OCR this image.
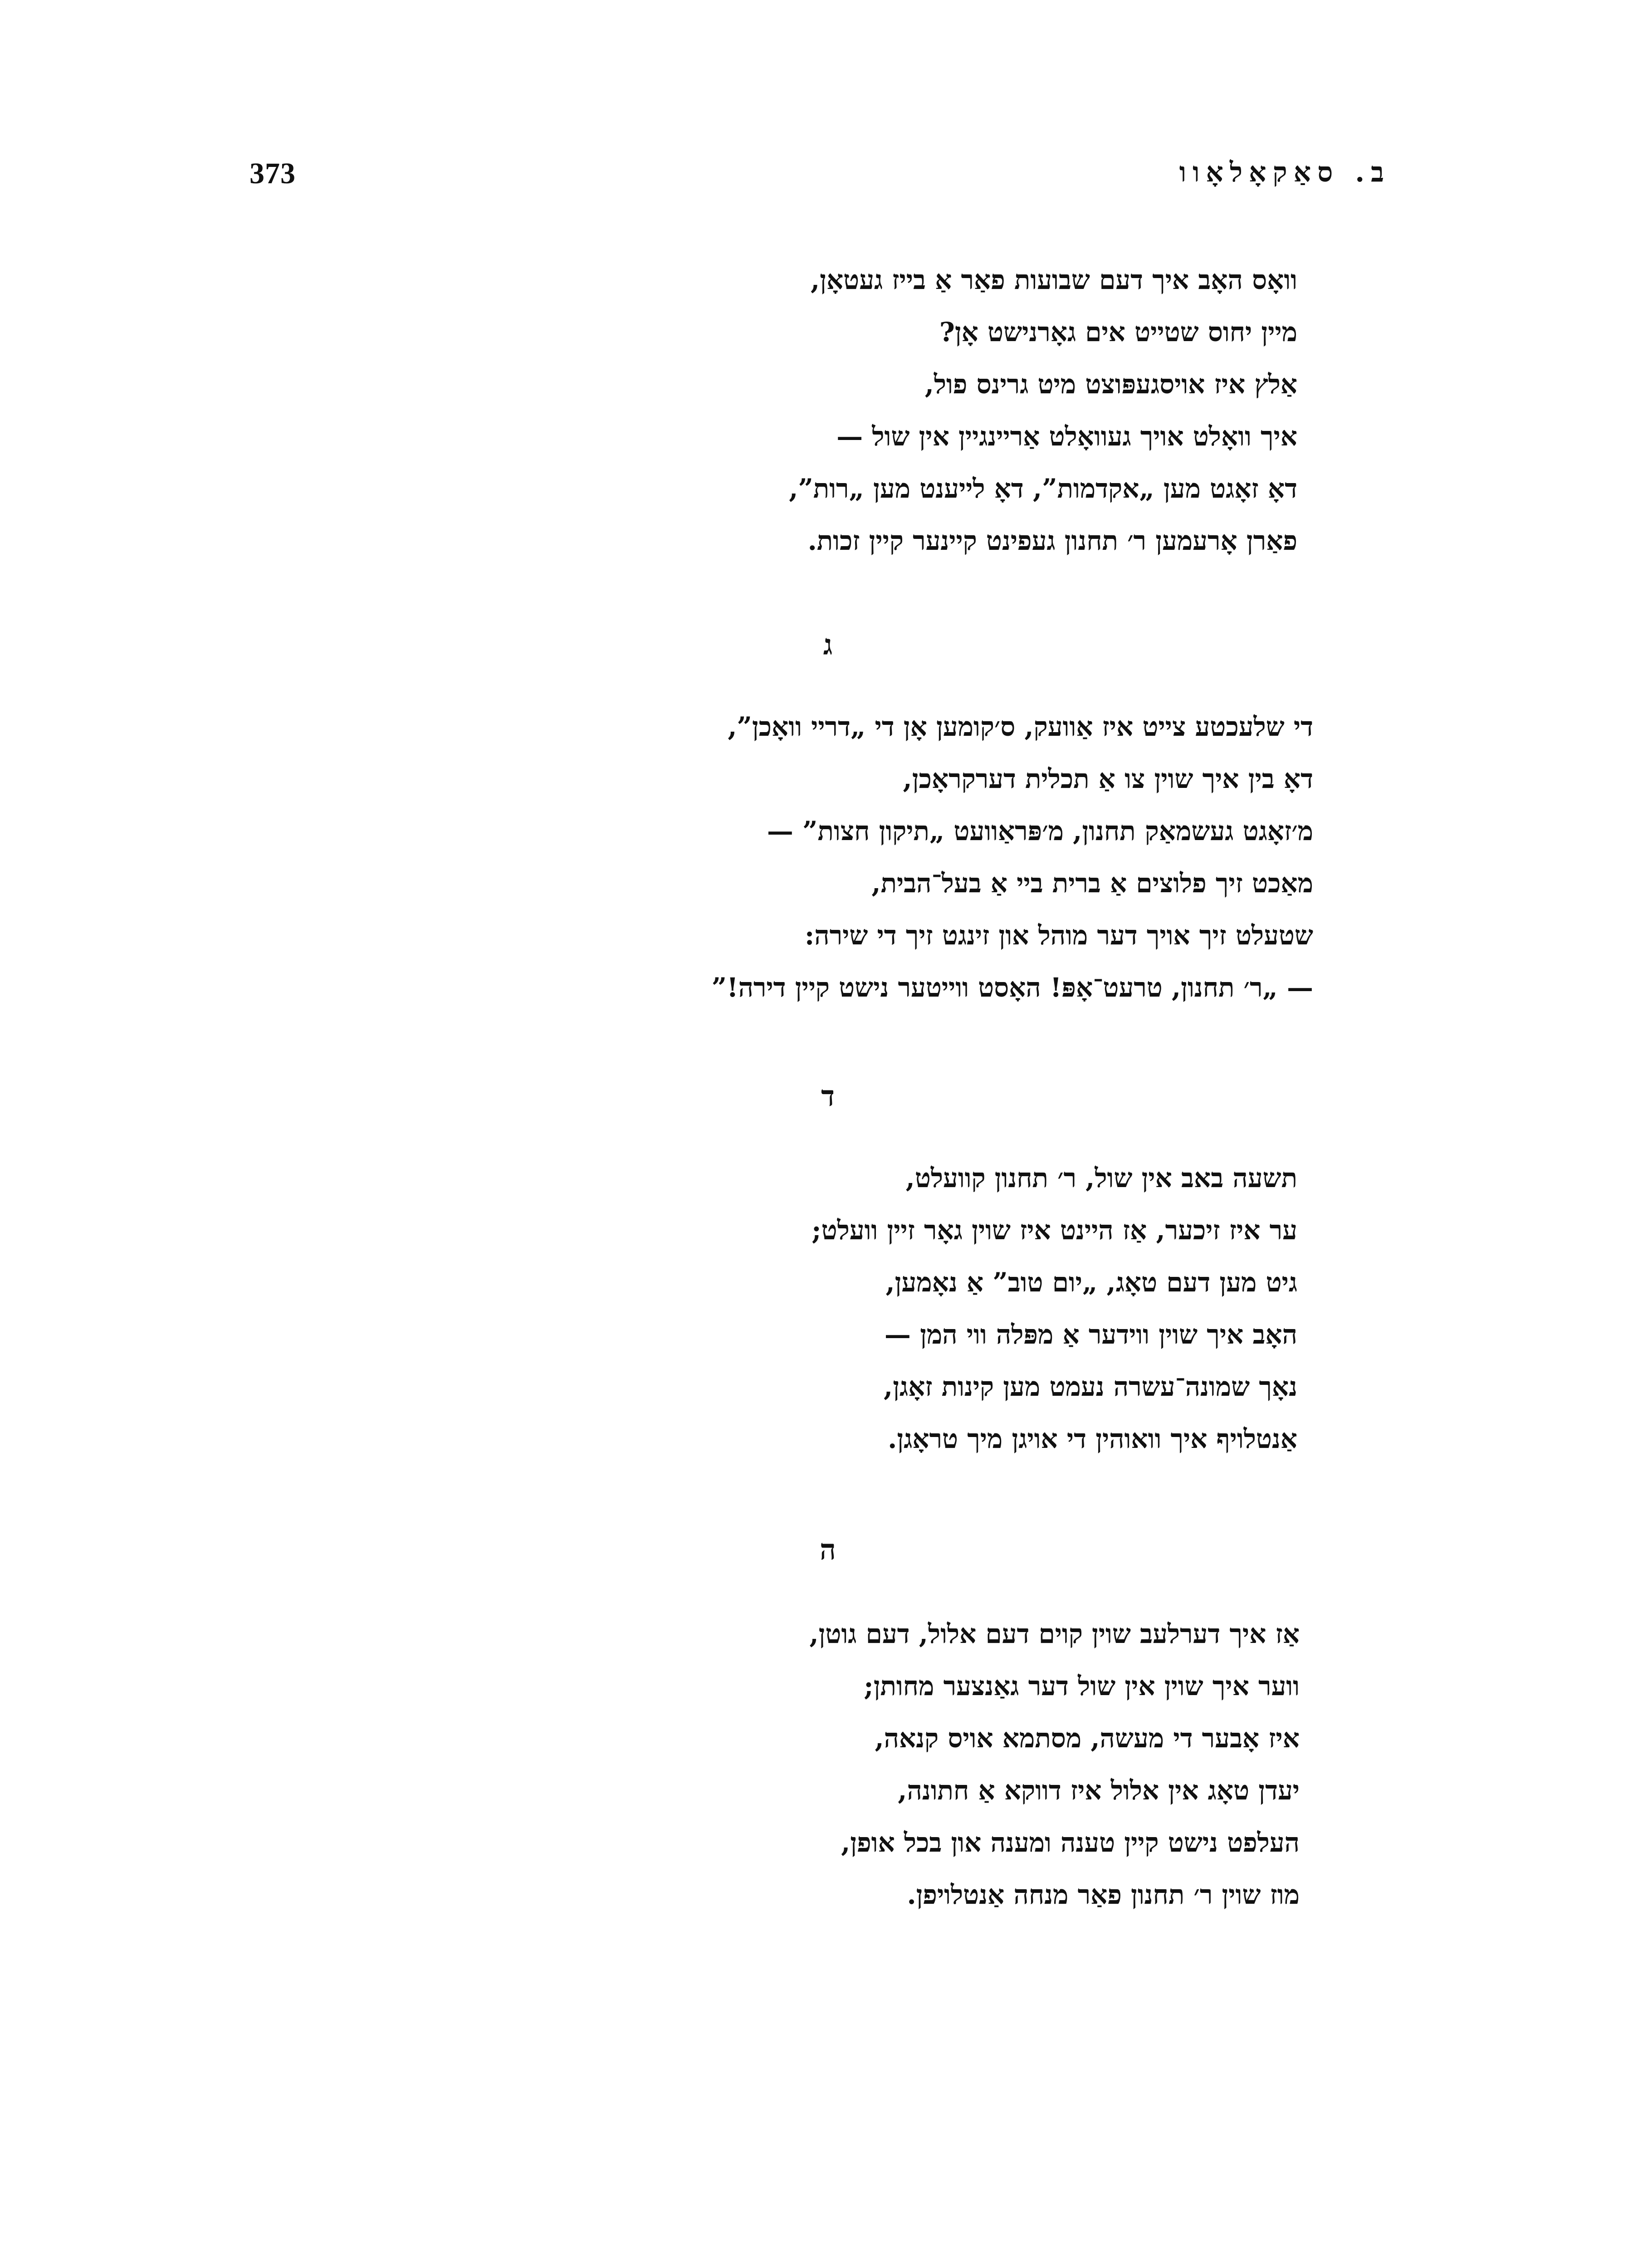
373	ב. סאַקאָלאָוו
וואָס האָב איך דעם שבועות פאַר אַ בייז געטאָן,
מיין יחוס שטייט אים גאָרנישט אָן?
אַלץ איז אויסגעפּוצט מיט גרינס פול,
איך וואָלט אויך געוואָלט אַריינגיין אין שול —
דאָ זאָגט מען „אקדמות”, דאָ לייענט מען „רות”,
פאַרן אָרעמען ר׳ תחנון געפינט קיינער קיין זכות.
ג
די שלעכטע צייט איז אַוועק, ס׳קומען אָן די „דריי וואָכן”,
דאָ בין איך שוין צו אַ תכלית דערקראָכן,
מ׳זאָגט געשמאַק תחנון, מ׳פּראַוועט „תיקון חצות” —
מאַכט זיך פלוצים אַ ברית ביי אַ בעל־הבית,
שטעלט זיך אויך דער מוהל און זינגט זיך די שירה:
— „ר׳ תחנון, טרעט־אָפּ! האָסט ווייטער נישט קיין דירה!”
ד
תשעה באב אין שול, ר׳ תחנון קוועלט,
ער איז זיכער, אַז היינט איז שוין גאָר זיין וועלט;
גיט מען דעם טאָג, „יום טוב” אַ נאָמען,
האָב איך שוין ווידער אַ מפּלה ווי המן —
נאָך שמונה־עשרה נעמט מען קינות זאָגן,
אַנטלויף איך וואוהין די אויגן מיך טראָגן.
ה
אַז איך דערלעב שוין קוים דעם אלול, דעם גוטן,
ווער איך שוין אין שול דער גאַנצער מחותן;
איז אָבער די מעשה, מסתמא אויס קנאה,
יעדן טאָג אין אלול איז דווקא אַ חתונה,
העלפט נישט קיין טענה ומענה און בכל אופן,
מוז שוין ר׳ תחנון פאַר מנחה אַנטלויפן.
